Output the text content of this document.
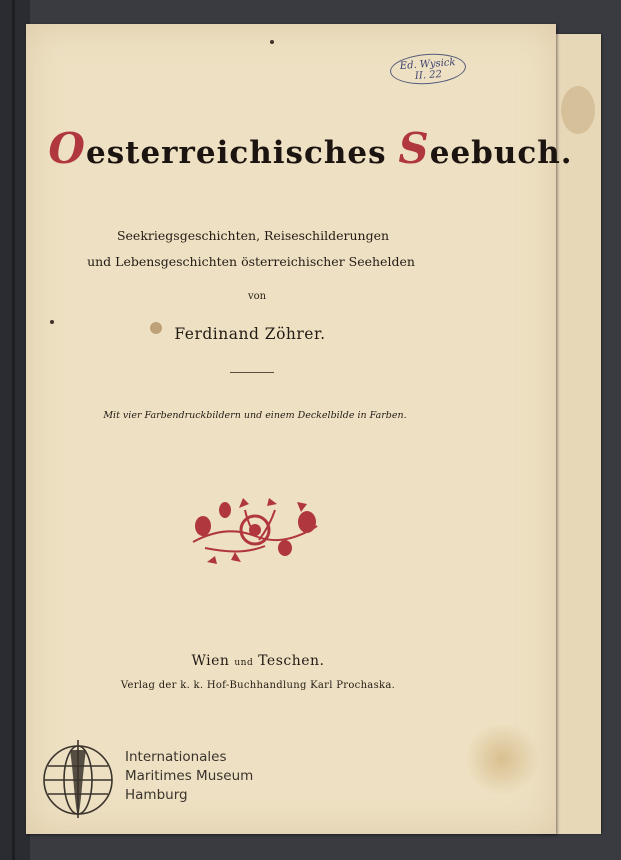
Ed. Wysick
II. 22
Oesterreichisches Seebuch.
Seekriegsgeschichten, Reiseschilderungen
und Lebensgeschichten österreichischer Seehelden
von
Ferdinand Zöhrer.
Mit vier Farbendruckbildern und einem Deckelbilde in Farben.
Wien und Teschen.
Verlag der k. k. Hof-Buchhandlung Karl Prochaska.
Internationales
Maritimes Museum
Hamburg
